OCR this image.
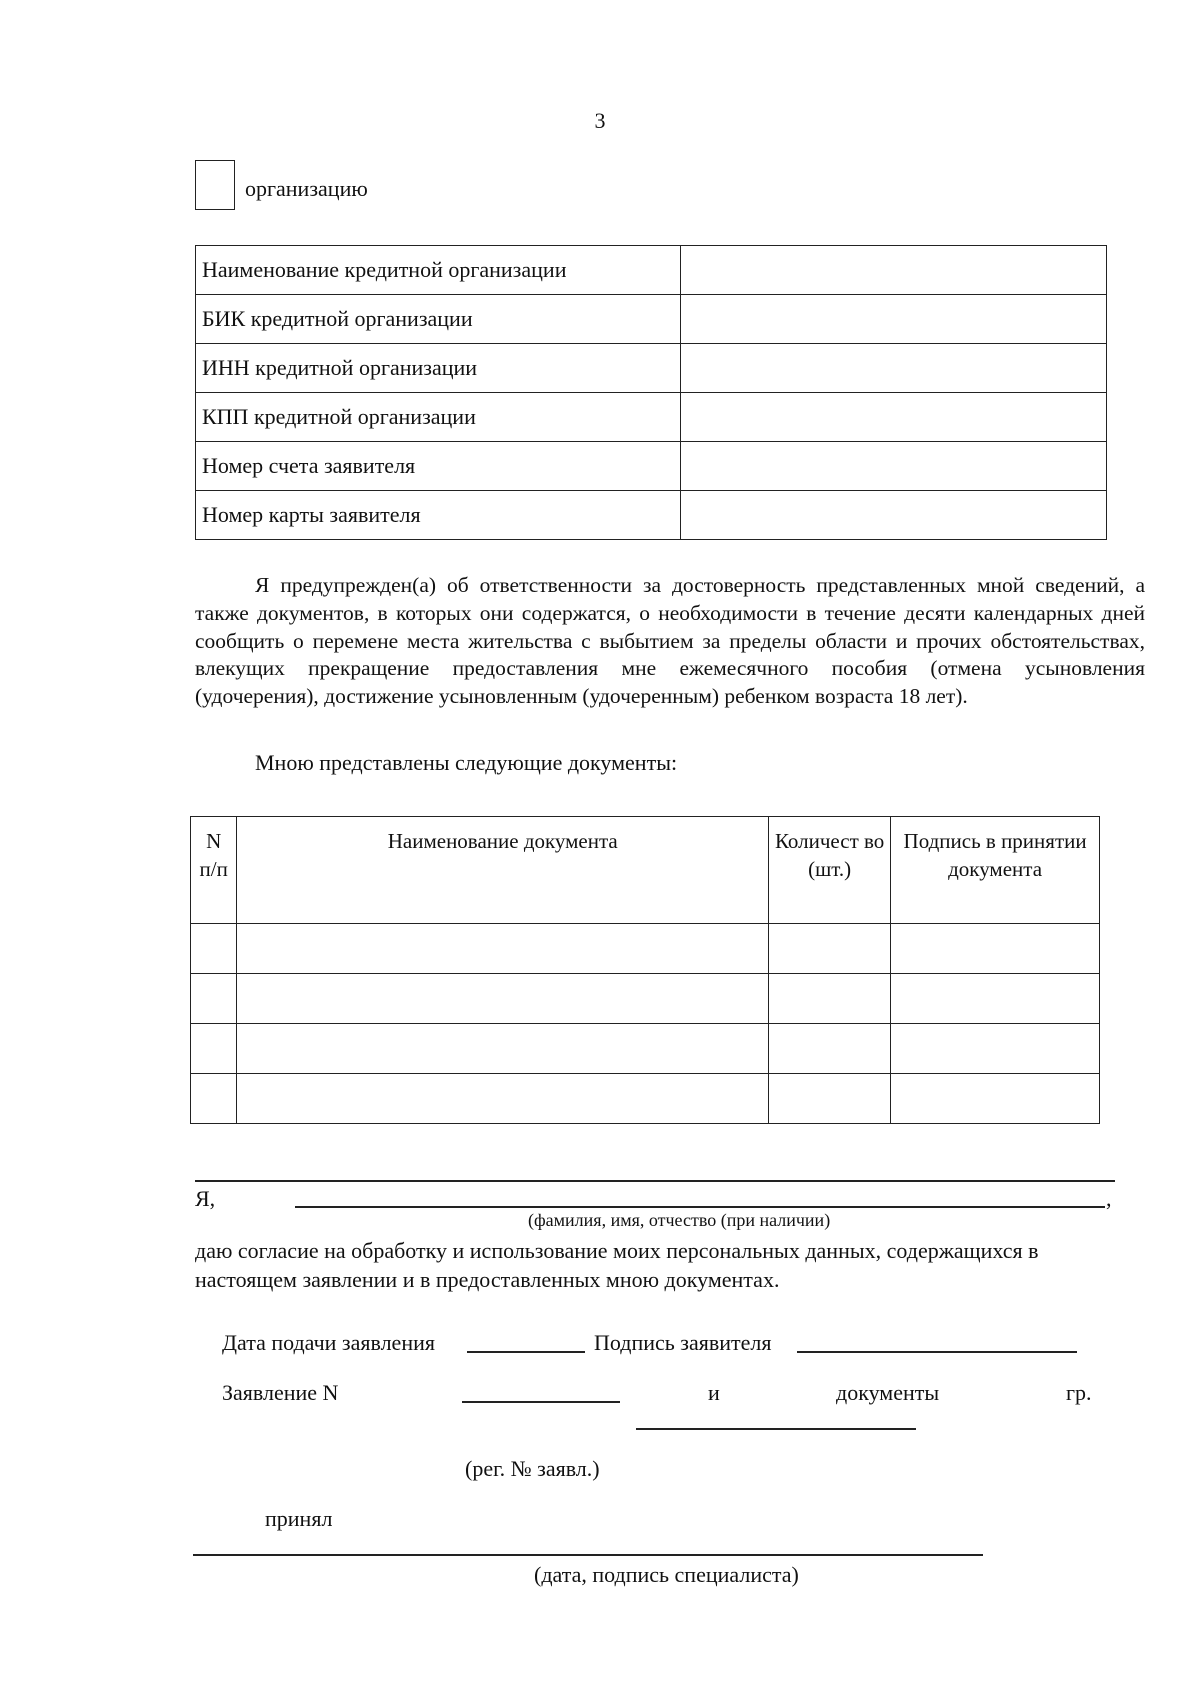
3
организацию
Наименование кредитной организации	
БИК кредитной организации	
ИНН кредитной организации	
КПП кредитной организации	
Номер счета заявителя	
Номер карты заявителя	

Я предупрежден(а) об ответственности за достоверность представленных мной сведений, а также документов, в которых они содержатся, о необходимости в течение десяти календарных дней сообщить о перемене места жительства с выбытием за пределы области и прочих обстоятельствах, влекущих прекращение предоставления мне ежемесячного пособия (отмена усыновления (удочерения), достижение усыновленным (удочеренным) ребенком возраста 18 лет).

Мною представлены следующие документы:
N п/п	Наименование документа	Количест во (шт.)	Подпись в принятии документа

Я,	,
(фамилия, имя, отчество (при наличии)

даю согласие на обработку и использование моих персональных данных, содержащихся в настоящем заявлении и в предоставленных мною документах.

Дата подачи заявления	Подпись заявителя
Заявление N	и	документы	гр.
(рег. № заявл.)
принял
(дата, подпись специалиста)
